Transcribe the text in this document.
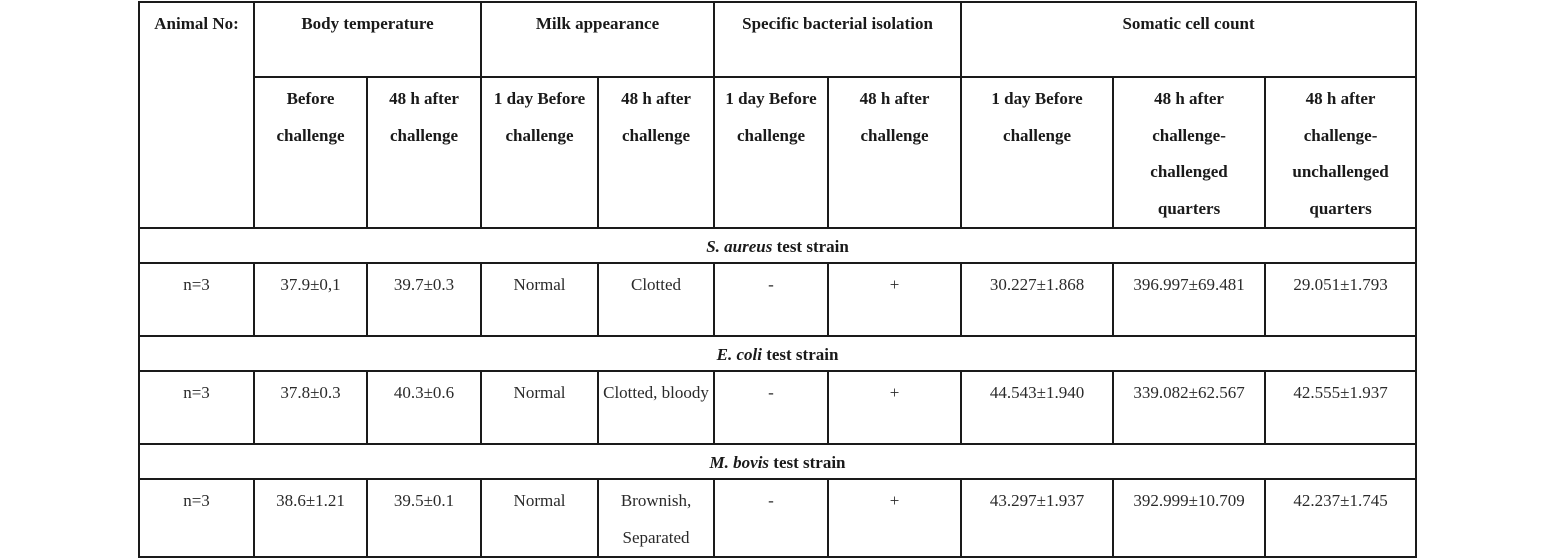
Animal No:	Body temperature		Milk appearance		Specific bacterial isolation		Somatic cell count		
	Before challenge	48 h after challenge	1 day Before challenge	48 h after challenge	1 day Before challenge	48 h after challenge	1 day Before challenge	48 h after challenge-challenged quarters	48 h after challenge-unchallenged quarters
S. aureus test strain									
n=3	37.9±0,1	39.7±0.3	Normal	Clotted	-	+	30.227±1.868	396.997±69.481	29.051±1.793
E. coli test strain									
n=3	37.8±0.3	40.3±0.6	Normal	Clotted, bloody	-	+	44.543±1.940	339.082±62.567	42.555±1.937
M. bovis test strain									
n=3	38.6±1.21	39.5±0.1	Normal	Brownish, Separated	-	+	43.297±1.937	392.999±10.709	42.237±1.745
